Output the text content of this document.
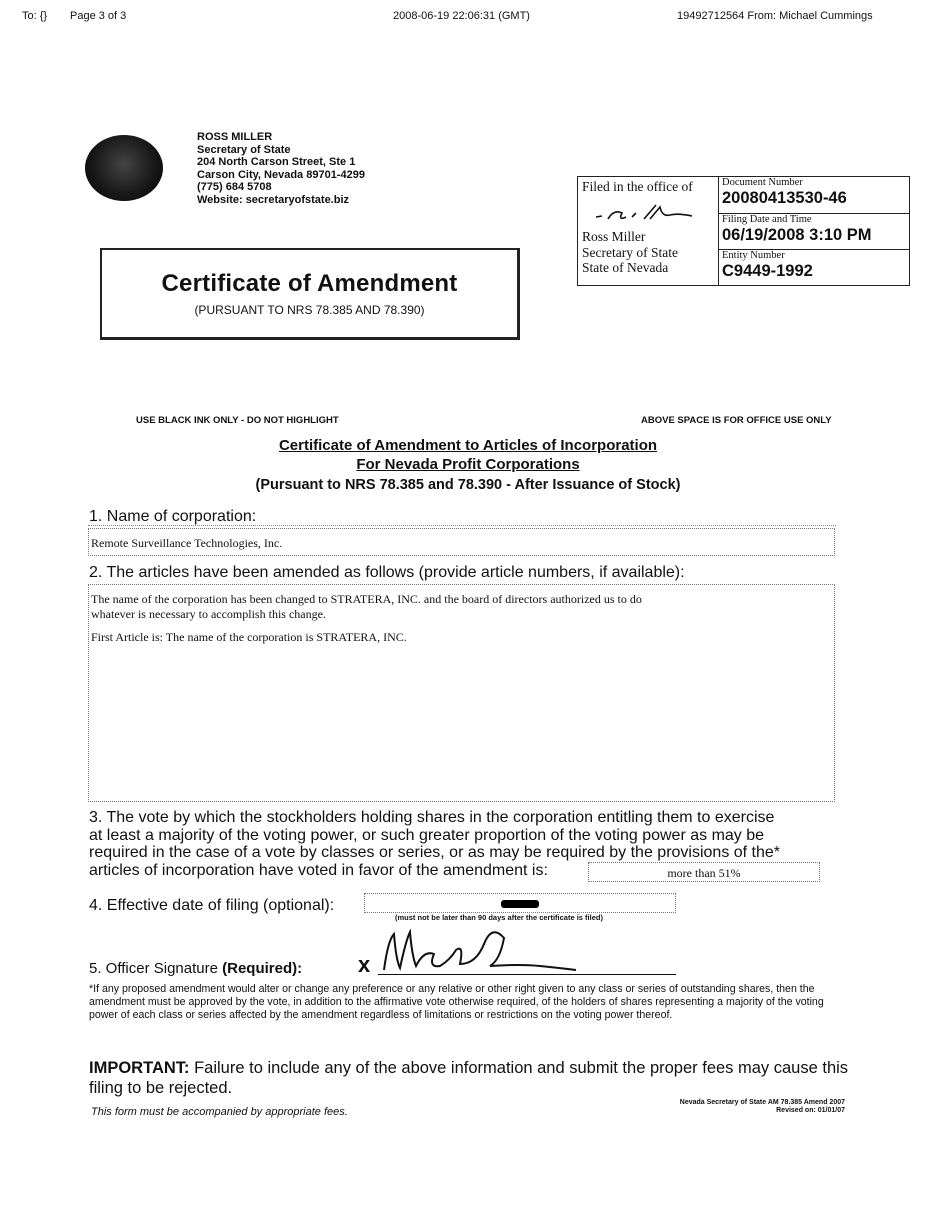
To: {} Page 3 of 3	2008-06-19 22:06:31 (GMT)	19492712564 From: Michael Cummings
ROSS MILLER
Secretary of State
204 North Carson Street, Ste 1
Carson City, Nevada 89701-4299
(775) 684 5708
Website: secretaryofstate.biz
Certificate of Amendment
(PURSUANT TO NRS 78.385 AND 78.390)
Filed in the office of
Ross Miller
Secretary of State
State of Nevada
Document Number
20080413530-46
Filing Date and Time
06/19/2008 3:10 PM
Entity Number
C9449-1992
USE BLACK INK ONLY - DO NOT HIGHLIGHT	ABOVE SPACE IS FOR OFFICE USE ONLY
Certificate of Amendment to Articles of Incorporation
For Nevada Profit Corporations
(Pursuant to NRS 78.385 and 78.390 - After Issuance of Stock)
1. Name of corporation:
Remote Surveillance Technologies, Inc.
2. The articles have been amended as follows (provide article numbers, if available):
The name of the corporation has been changed to STRATERA, INC. and the board of directors authorized us to do
whatever is necessary to accomplish this change.
First Article is: The name of the corporation is STRATERA, INC.
3. The vote by which the stockholders holding shares in the corporation entitling them to exercise
at least a majority of the voting power, or such greater proportion of the voting power as may be
required in the case of a vote by classes or series, or as may be required by the provisions of the*
articles of incorporation have voted in favor of the amendment is:	more than 51%
4. Effective date of filing (optional):
(must not be later than 90 days after the certificate is filed)
5. Officer Signature (Required):	x
*If any proposed amendment would alter or change any preference or any relative or other right given to any class or series of outstanding shares, then the amendment must be approved by the vote, in addition to the affirmative vote otherwise required, of the holders of shares representing a majority of the voting power of each class or series affected by the amendment regardless of limitations or restrictions on the voting power thereof.
IMPORTANT: Failure to include any of the above information and submit the proper fees may cause this filing to be rejected.
This form must be accompanied by appropriate fees.
Nevada Secretary of State AM 78.385 Amend 2007
Revised on: 01/01/07
